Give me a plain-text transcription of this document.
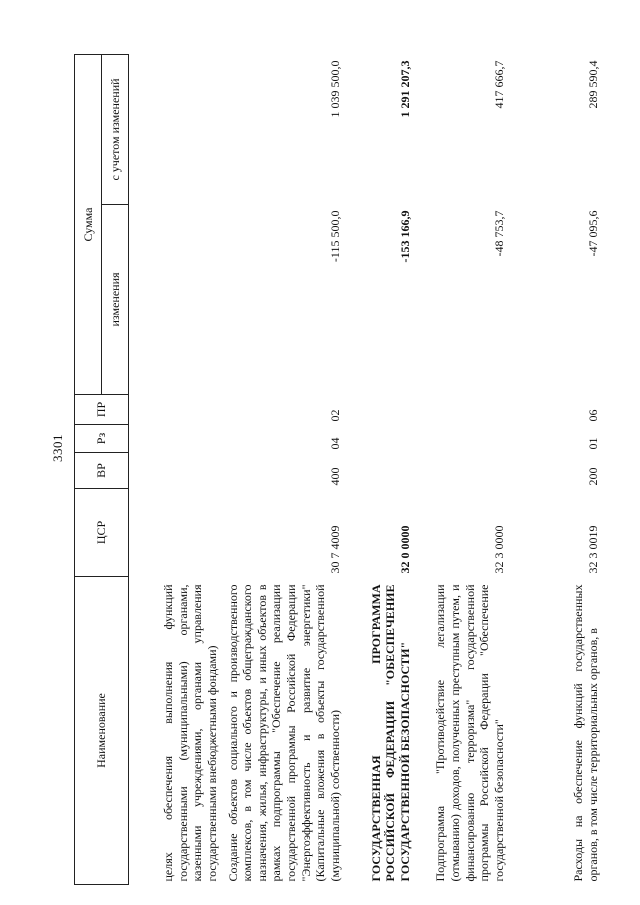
3301
Наименование	ЦСР	ВР	Рз	ПР	Сумма	
					изменения	с учетом изменений
целях обеспечения выполнения функций государственными (муниципальными) органами, казенными учреждениями, органами управления государственными внебюджетными фондами)						
Создание объектов социального и производственного комплексов, в том числе объектов общегражданского назначения, жилья, инфраструктуры, и иных объектов в рамках подпрограммы "Обеспечение реализации государственной программы Российской Федерации "Энергоэффективность и развитие энергетики" (Капитальные вложения в объекты государственной (муниципальной) собственности)	30 7 4009	400	04	02	-115 500,0	1 039 500,0
ГОСУДАРСТВЕННАЯ ПРОГРАММА РОССИЙСКОЙ ФЕДЕРАЦИИ "ОБЕСПЕЧЕНИЕ ГОСУДАРСТВЕННОЙ БЕЗОПАСНОСТИ"	32 0 0000				-153 166,9	1 291 207,3
Подпрограмма "Противодействие легализации (отмыванию) доходов, полученных преступным путем, и финансированию терроризма" государственной программы Российской Федерации "Обеспечение государственной безопасности"	32 3 0000				-48 753,7	417 666,7
Расходы на обеспечение функций государственных органов, в том числе территориальных органов, в	32 3 0019	200	01	06	-47 095,6	289 590,4
